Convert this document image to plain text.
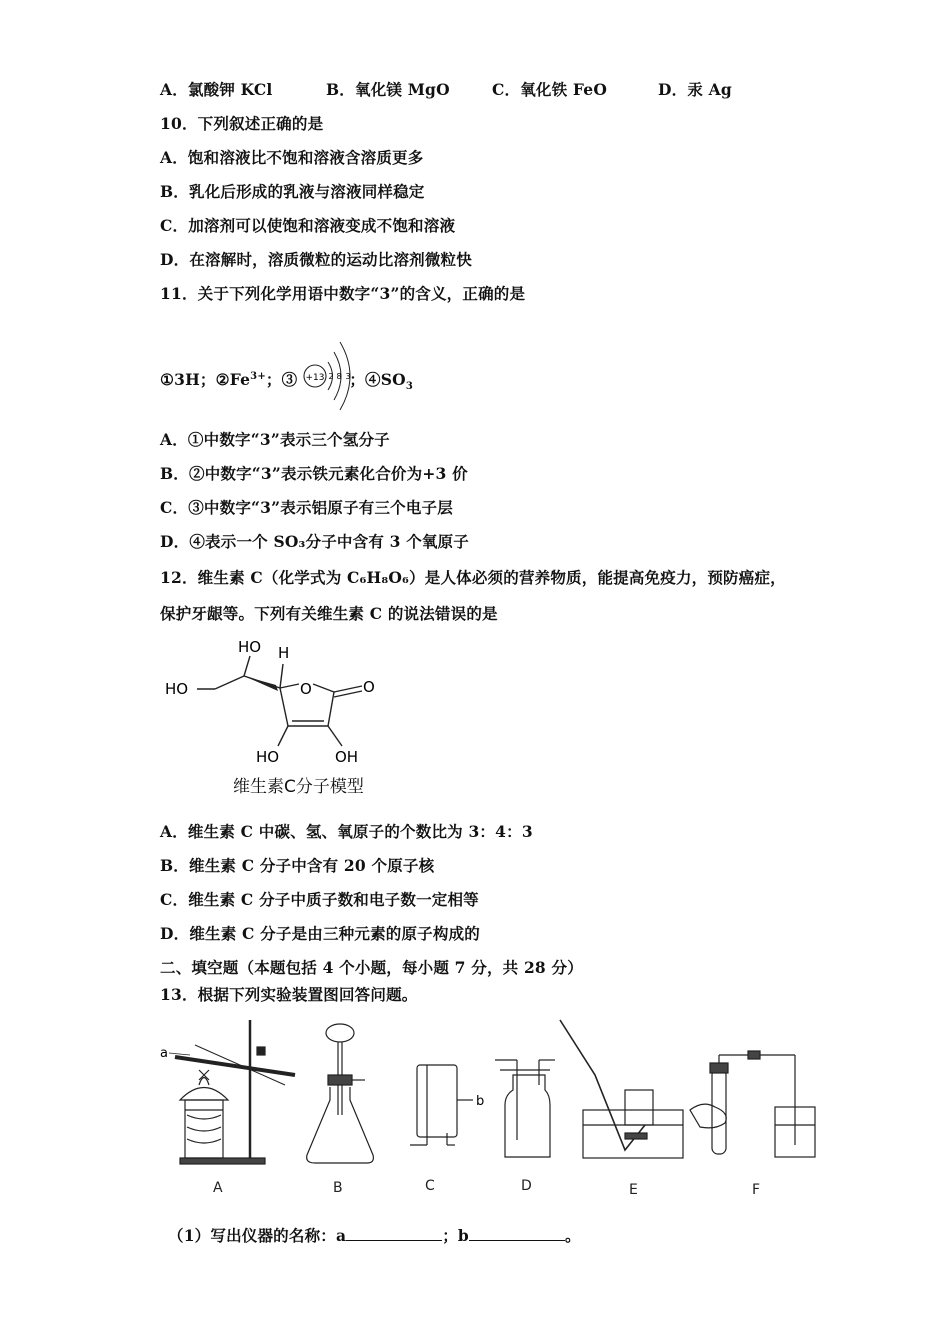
A．氯酸钾 KCl	B．氧化镁 MgO	C．氧化铁 FeO	D．汞 Ag
10．下列叙述正确的是
A．饱和溶液比不饱和溶液含溶质更多
B．乳化后形成的乳液与溶液同样稳定
C．加溶剂可以使饱和溶液变成不饱和溶液
D．在溶解时，溶质微粒的运动比溶剂微粒快
11．关于下列化学用语中数字“3”的含义，正确的是
①3H；$②Fe^{3+}$；③	；$④SO_3$
+13 2 8 3
A．①中数字“3”表示三个氢分子
B．②中数字“3”表示铁元素化合价为+3 价
C．③中数字“3”表示铝原子有三个电子层
D．④表示一个 SO₃分子中含有 3 个氧原子
12．维生素 C（化学式为 C₆H₈O₆）是人体必须的营养物质，能提高免疫力，预防癌症，
保护牙龈等。下列有关维生素 C 的说法错误的是
HO H
HO	O	O
HO	OH
维生素C分子模型
A．维生素 C 中碳、氢、氧原子的个数比为 3：4：3
B．维生素 C 分子中含有 20 个原子核
C．维生素 C 分子中质子数和电子数一定相等
D．维生素 C 分子是由三种元素的原子构成的
二、填空题（本题包括 4 个小题，每小题 7 分，共 28 分）
13．根据下列实验装置图回答问题。
a
b
A	B	C	D	E	F
（1）写出仪器的名称：a	；b	。
